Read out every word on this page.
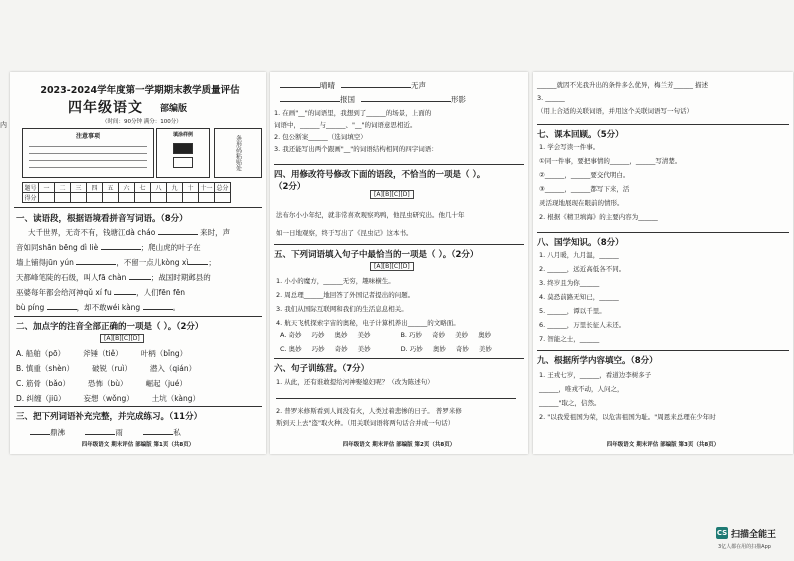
内
2023-2024学年度第一学期期末教学质量评估
四年级语文 部编版
（时间：90分钟 满分：100分）
注意事项	填涂样例	条形码粘贴处
题号	一	二	三	四	五	六	七	八	九	十	十一	总分
得分												
一、读语段，根据语境看拼音写词语。（8分）
大千世界，无奇不有，钱塘江dà cháo	来时，声
音如同shān bēng dì liè	；爬山虎的叶子在
墙上铺得jūn yún	，不留一点儿kòng xì	；
天都峰笔陡的石级，叫人fā chàn	；战国时期邺县的
巫婆每年都会给河神qǔ xí fu	，人们fēn fēn
bù píng	，却不敢wéi kàng	。
二、加点字的注音全部正确的一项是（ ）。（2分）
[A][B][C][D]
A. 船舶（pō） 斧锤（tiě） 叶柄（bǐng）
B. 慎重（shèn） 破锐（ruì） 潜入（qián）
C. 筋骨（bǎo） 恐怖（bù） 崛起（jué）
D. 纠缠（jiū） 妄想（wǒng） 土坑（kàng）
三、把下列词语补充完整，并完成练习。（11分）
鼎沸	雨	私
四年级语文 期末评估 部编版 第1页（共8页）
晴晴	无声
报国	形影
1. 在画"__"的词语里，我想到了______的场景，上面的
词语中，______与______、"__"的词语意思相近。
2. 包公断案______（选词填空）
3. 我还能写出两个跟画"__"的词语结构相同的四字词语：
四、用修改符号修改下面的语段，不恰当的一项是（ ）。
（2分）
[A][B][C][D]
法布尔小小年纪，就非常喜欢观察鸡鸭，他昆虫研究出。他几十年
如一日地观察，终于写出了《昆虫记》这本书。
五、下列词语填入句子中最恰当的一项是（ ）。（2分）
[A][B][C][D]
1. 小小的魔方，______无穷，趣味横生。
2. 周总理______地回答了外国记者提出的问题。
3. 我们从国际互联网和我们的生活息息相关。
4. 航天飞机探索宇宙的奥秘，电子计算机养出______的文略面。
A. 奇妙 巧妙 奥妙 美妙	B. 巧妙 奇妙 美妙 奥妙
C. 奥妙 巧妙 奇妙 美妙	D. 巧妙 奥妙 奇妙 美妙
六、句子训练营。（7分）
1. 从此，还有谁敢提给河神娶媳妇呢？（改为陈述句）
2. 普罗米修斯看到人间没有火，人类过着悲惨的日子。 普罗米修
斯到天上去"盗"取火种。（用关联词语将两句话合并成一句话）
四年级语文 期末评估 部编版 第2页（共8页）
______就因不光我升出的条件多么优异，梅兰芳______ 描述
3. ______
（用上合适的关联词语，并用这个关联词语写一句话）
七、课本回顾。（5分）
1. 学会写读一件事。
①同一件事，要把事情的______，______写清楚。
②______，______要交代明白。
③______，______都写下来，活
灵活现地展现在眼前的情形。
2. 根据《精卫填海》的主要内容为______
八、国学知识。（8分）
1. 八月暖，九月温，______
2. ______，远近高低各不同。
3. 终岁且为你______
4. 莫恐前路无知已，______
5. ______，谭以千里。
6. ______，万里长征人未还。
7. 智能之士，______
九、根据所学内容填空。（8分）
1. 王戎七岁，______，看道边李树多子
______，唯戎不动，人问之，
______"取之，信然。
2. "以我爱祖国为荣，以危害祖国为耻。"周恩来总理在少年时
四年级语文 期末评估 部编版 第3页（共8页）
CS 扫描全能王
3亿人都在用的扫描App
